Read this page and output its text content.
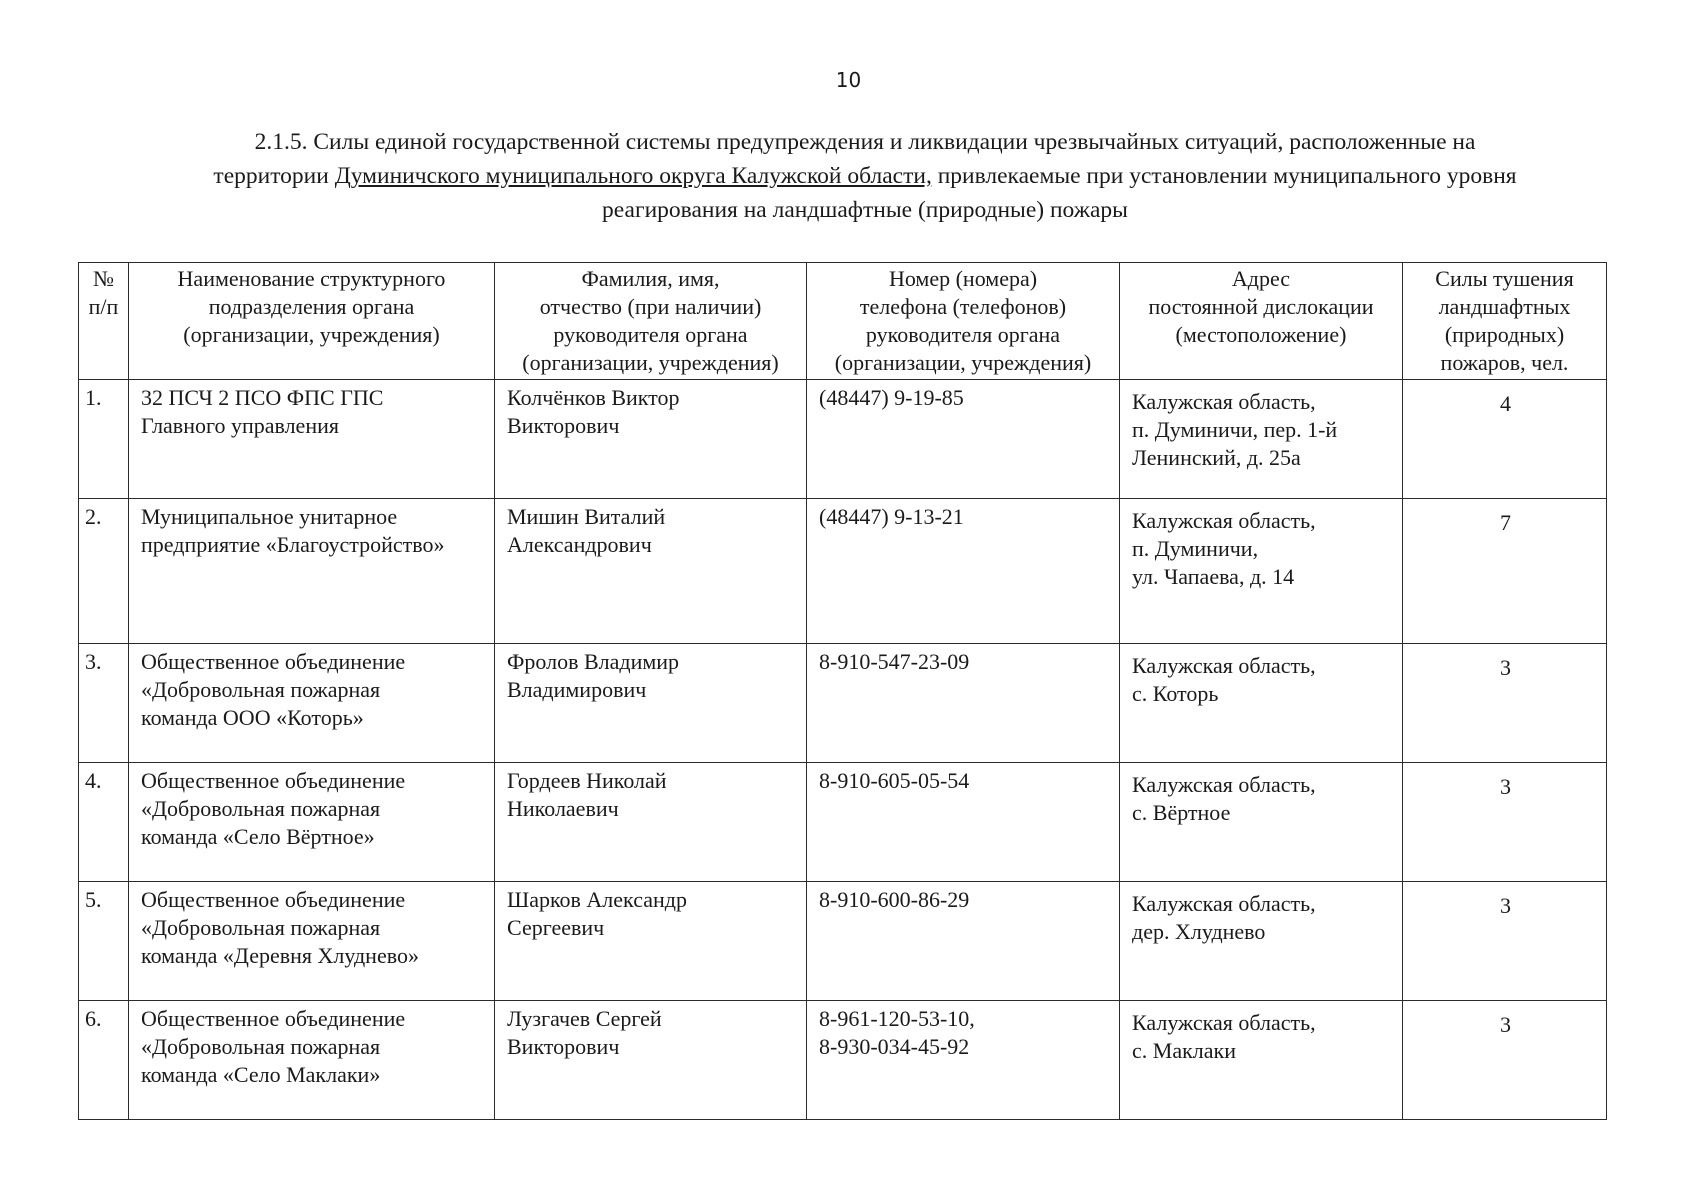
10
2.1.5. Силы единой государственной системы предупреждения и ликвидации чрезвычайных ситуаций, расположенные на
территории Думиничского муниципального округа Калужской области, привлекаемые при установлении муниципального уровня
реагирования на ландшафтные (природные) пожары
№
п/п	Наименование структурного
подразделения органа
(организации, учреждения)	Фамилия, имя,
отчество (при наличии)
руководителя органа
(организации, учреждения)	Номер (номера)
телефона (телефонов)
руководителя органа
(организации, учреждения)	Адрес
постоянной дислокации
(местоположение)	Силы тушения
ландшафтных
(природных)
пожаров, чел.
1.	32 ПСЧ 2 ПСО ФПС ГПС
Главного управления	Колчёнков Виктор
Викторович	(48447) 9-19-85	Калужская область,
п. Думиничи, пер. 1-й
Ленинский, д. 25а	4
2.	Муниципальное унитарное
предприятие «Благоустройство»	Мишин Виталий
Александрович	(48447) 9-13-21	Калужская область,
п. Думиничи,
ул. Чапаева, д. 14	7
3.	Общественное объединение
«Добровольная пожарная
команда ООО «Которь»	Фролов Владимир
Владимирович	8-910-547-23-09	Калужская область,
с. Которь	3
4.	Общественное объединение
«Добровольная пожарная
команда «Село Вёртное»	Гордеев Николай
Николаевич	8-910-605-05-54	Калужская область,
с. Вёртное	3
5.	Общественное объединение
«Добровольная пожарная
команда «Деревня Хлуднево»	Шарков Александр
Сергеевич	8-910-600-86-29	Калужская область,
дер. Хлуднево	3
6.	Общественное объединение
«Добровольная пожарная
команда «Село Маклаки»	Лузгачев Сергей
Викторович	8-961-120-53-10,
8-930-034-45-92	Калужская область,
с. Маклаки	3
